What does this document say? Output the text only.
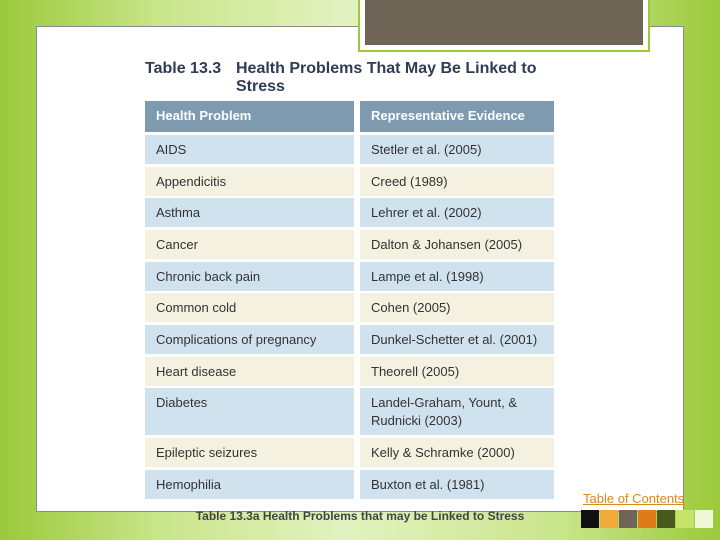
Table 13.3 Health Problems That May Be Linked to Stress
Health Problem	Representative Evidence
AIDS	Stetler et al. (2005)
Appendicitis	Creed (1989)
Asthma	Lehrer et al. (2002)
Cancer	Dalton & Johansen (2005)
Chronic back pain	Lampe et al. (1998)
Common cold	Cohen (2005)
Complications of pregnancy	Dunkel-Schetter et al. (2001)
Heart disease	Theorell (2005)
Diabetes	Landel-Graham, Yount, & Rudnicki (2003)
Epileptic seizures	Kelly & Schramke (2000)
Hemophilia	Buxton et al. (1981)
Table 13.3a Health Problems that may be Linked to Stress
Table of Contents
